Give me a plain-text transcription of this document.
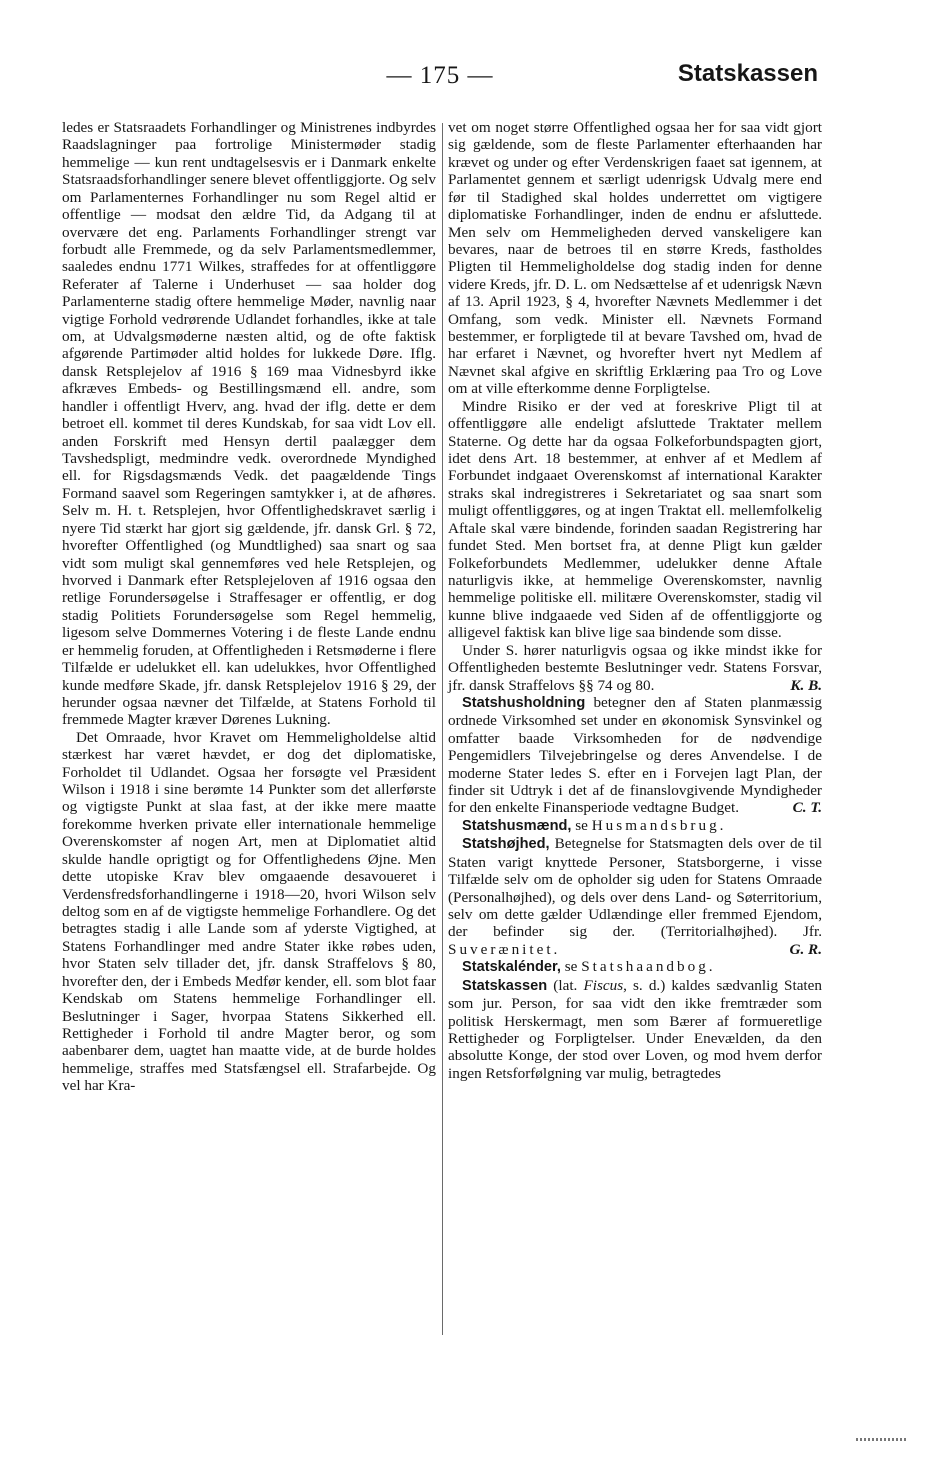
— 175 —	Statskassen

ledes er Statsraadets Forhandlinger og Ministrenes indbyrdes Raadslagninger paa fortrolige Ministermøder stadig hemmelige — kun rent undtagelsesvis er i Danmark enkelte Statsraadsforhandlinger senere blevet offentliggjorte. Og selv om Parlamenternes Forhandlinger nu som Regel altid er offentlige — modsat den ældre Tid, da Adgang til at overvære det eng. Parlaments Forhandlinger strengt var forbudt alle Fremmede, og da selv Parlamentsmedlemmer, saaledes endnu 1771 Wilkes, straffedes for at offentliggøre Referater af Talerne i Underhuset — saa holder dog Parlamenterne stadig oftere hemmelige Møder, navnlig naar vigtige Forhold vedrørende Udlandet forhandles, ikke at tale om, at Udvalgsmøderne næsten altid, og de ofte faktisk afgørende Partimøder altid holdes for lukkede Døre. Iflg. dansk Retsplejelov af 1916 § 169 maa Vidnesbyrd ikke afkræves Embeds- og Bestillingsmænd ell. andre, som handler i offentligt Hverv, ang. hvad der iflg. dette er dem betroet ell. kommet til deres Kundskab, for saa vidt Lov ell. anden Forskrift med Hensyn dertil paalægger dem Tavshedspligt, medmindre vedk. overordnede Myndighed ell. for Rigsdagsmænds Vedk. det paagældende Tings Formand saavel som Regeringen samtykker i, at de afhøres. Selv m. H. t. Retsplejen, hvor Offentlighedskravet særlig i nyere Tid stærkt har gjort sig gældende, jfr. dansk Grl. § 72, hvorefter Offentlighed (og Mundtlighed) saa snart og saa vidt som muligt skal gennemføres ved hele Retsplejen, og hvorved i Danmark efter Retsplejeloven af 1916 ogsaa den retlige Forundersøgelse i Straffesager er offentlig, er dog stadig Politiets Forundersøgelse som Regel hemmelig, ligesom selve Dommernes Votering i de fleste Lande endnu er hemmelig foruden, at Offentligheden i Retsmøderne i flere Tilfælde er udelukket ell. kan udelukkes, hvor Offentlighed kunde medføre Skade, jfr. dansk Retsplejelov 1916 § 29, der herunder ogsaa nævner det Tilfælde, at Statens Forhold til fremmede Magter kræver Dørenes Lukning.

Det Omraade, hvor Kravet om Hemmeligholdelse altid stærkest har været hævdet, er dog det diplomatiske, Forholdet til Udlandet. Ogsaa her forsøgte vel Præsident Wilson i 1918 i sine berømte 14 Punkter som det allerførste og vigtigste Punkt at slaa fast, at der ikke mere maatte forekomme hverken private eller internationale hemmelige Overenskomster af nogen Art, men at Diplomatiet altid skulde handle oprigtigt og for Offentlighedens Øjne. Men dette utopiske Krav blev omgaaende desavoueret i Verdensfredsforhandlingerne i 1918—20, hvori Wilson selv deltog som en af de vigtigste hemmelige Forhandlere. Og det betragtes stadig i alle Lande som af yderste Vigtighed, at Statens Forhandlinger med andre Stater ikke røbes uden, hvor Staten selv tillader det, jfr. dansk Straffelovs § 80, hvorefter den, der i Embeds Medfør kender, ell. som blot faar Kendskab om Statens hemmelige Forhandlinger ell. Beslutninger i Sager, hvorpaa Statens Sikkerhed ell. Rettigheder i Forhold til andre Magter beror, og som aabenbarer dem, uagtet han maatte vide, at de burde holdes hemmelige, straffes med Statsfængsel ell. Strafarbejde. Og vel har Kra-

vet om noget større Offentlighed ogsaa her for saa vidt gjort sig gældende, som de fleste Parlamenter efterhaanden har krævet og under og efter Verdenskrigen faaet sat igennem, at Parlamentet gennem et særligt udenrigsk Udvalg mere end før til Stadighed skal holdes underrettet om vigtigere diplomatiske Forhandlinger, inden de endnu er afsluttede. Men selv om Hemmeligheden derved vanskeligere kan bevares, naar de betroes til en større Kreds, fastholdes Pligten til Hemmeligholdelse dog stadig inden for denne videre Kreds, jfr. D. L. om Nedsættelse af et udenrigsk Nævn af 13. April 1923, § 4, hvorefter Nævnets Medlemmer i det Omfang, som vedk. Minister ell. Nævnets Formand bestemmer, er forpligtede til at bevare Tavshed om, hvad de har erfaret i Nævnet, og hvorefter hvert nyt Medlem af Nævnet skal afgive en skriftlig Erklæring paa Tro og Love om at ville efterkomme denne Forpligtelse.

Mindre Risiko er der ved at foreskrive Pligt til at offentliggøre alle endeligt afsluttede Traktater mellem Staterne. Og dette har da ogsaa Folkeforbundspagten gjort, idet dens Art. 18 bestemmer, at enhver af et Medlem af Forbundet indgaaet Overenskomst af international Karakter straks skal indregistreres i Sekretariatet og saa snart som muligt offentliggøres, og at ingen Traktat ell. mellemfolkelig Aftale skal være bindende, forinden saadan Registrering har fundet Sted. Men bortset fra, at denne Pligt kun gælder Folkeforbundets Medlemmer, udelukker denne Aftale naturligvis ikke, at hemmelige Overenskomster, navnlig hemmelige politiske ell. militære Overenskomster, stadig vil kunne blive indgaaede ved Siden af de offentliggjorte og alligevel faktisk kan blive lige saa bindende som disse.

Under S. hører naturligvis ogsaa og ikke mindst ikke for Offentligheden bestemte Beslutninger vedr. Statens Forsvar, jfr. dansk Straffelovs §§ 74 og 80.	K. B.

Statshusholdning betegner den af Staten planmæssig ordnede Virksomhed set under en økonomisk Synsvinkel og omfatter baade Virksomheden for de nødvendige Pengemidlers Tilvejebringelse og deres Anvendelse. I de moderne Stater ledes S. efter en i Forvejen lagt Plan, der finder sit Udtryk i det af de finanslovgivende Myndigheder for den enkelte Finansperiode vedtagne Budget.	C. T.

Statshusmænd, se Husmandsbrug.

Statshøjhed, Betegnelse for Statsmagten dels over de til Staten varigt knyttede Personer, Statsborgerne, i visse Tilfælde selv om de opholder sig uden for Statens Omraade (Personalhøjhed), og dels over dens Land- og Søterritorium, selv om dette gælder Udlændinge eller fremmed Ejendom, der befinder sig der. (Territorialhøjhed). Jfr. Suverænitet.	G. R.

Statskalénder, se Statshaandbog.

Statskassen (lat. Fiscus, s. d.) kaldes sædvanlig Staten som jur. Person, for saa vidt den ikke fremtræder som politisk Herskermagt, men som Bærer af formueretlige Rettigheder og Forpligtelser. Under Enevælden, da den absolutte Konge, der stod over Loven, og mod hvem derfor ingen Retsforfølgning var mulig, betragtedes
